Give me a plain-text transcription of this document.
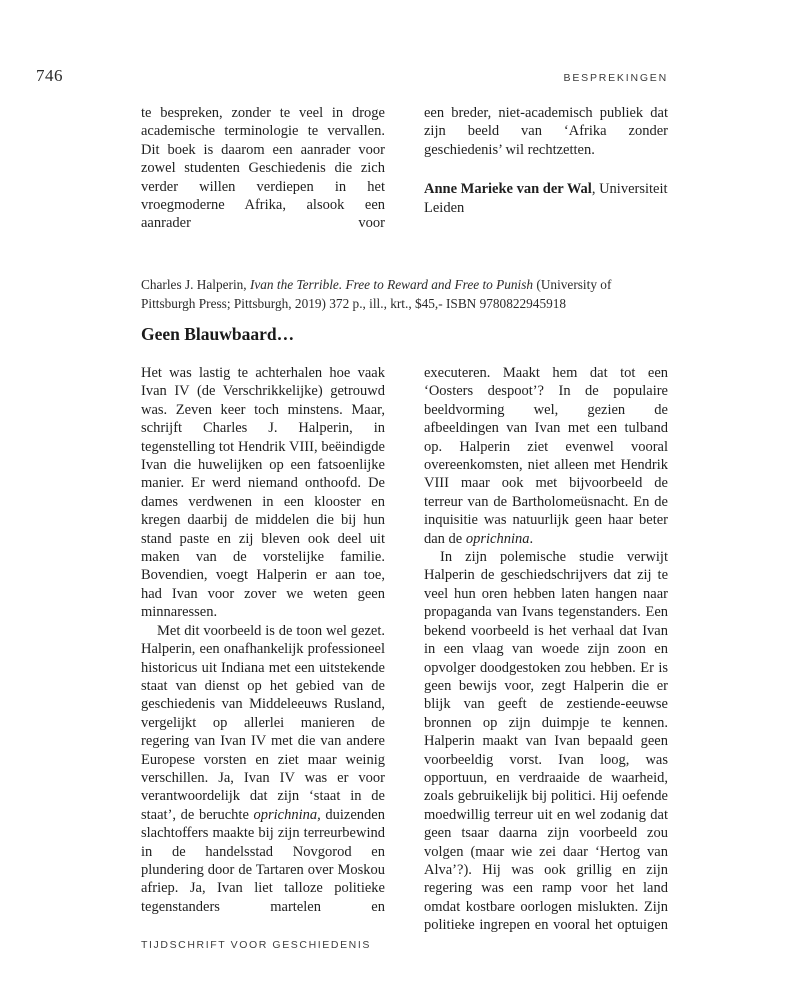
746	BESPREKINGEN

te bespreken, zonder te veel in droge academische terminologie te vervallen. Dit boek is daarom een aanrader voor zowel studenten Geschiedenis die zich verder willen verdiepen in het vroegmoderne Afrika, alsook een aanrader voor

een breder, niet-academisch publiek dat zijn beeld van ‘Afrika zonder geschiedenis’ wil rechtzetten.

Anne Marieke van der Wal, Universiteit Leiden

Charles J. Halperin, Ivan the Terrible. Free to Reward and Free to Punish (University of Pittsburgh Press; Pittsburgh, 2019) 372 p., ill., krt., $45,- ISBN 9780822945918

Geen Blauwbaard…

Het was lastig te achterhalen hoe vaak Ivan IV (de Verschrikkelijke) getrouwd was. Zeven keer toch minstens. Maar, schrijft Charles J. Halperin, in tegenstelling tot Hendrik VIII, beëindigde Ivan die huwelijken op een fatsoenlijke manier. Er werd niemand onthoofd. De dames verdwenen in een klooster en kregen daarbij de middelen die bij hun stand paste en zij bleven ook deel uit maken van de vorstelijke familie. Bovendien, voegt Halperin er aan toe, had Ivan voor zover we weten geen minnaressen.

Met dit voorbeeld is de toon wel gezet. Halperin, een onafhankelijk professioneel historicus uit Indiana met een uitstekende staat van dienst op het gebied van de geschiedenis van Middeleeuws Rusland, vergelijkt op allerlei manieren de regering van Ivan IV met die van andere Europese vorsten en ziet maar weinig verschillen. Ja, Ivan IV was er voor verantwoordelijk dat zijn ‘staat in de staat’, de beruchte oprichnina, duizenden slachtoffers maakte bij zijn terreurbewind in de handelsstad Novgorod en plundering door de Tartaren over Moskou afriep. Ja, Ivan liet talloze politieke tegenstanders martelen en

executeren. Maakt hem dat tot een ‘Oosters despoot’? In de populaire beeldvorming wel, gezien de afbeeldingen van Ivan met een tulband op. Halperin ziet evenwel vooral overeenkomsten, niet alleen met Hendrik VIII maar ook met bijvoorbeeld de terreur van de Bartholomeüsnacht. En de inquisitie was natuurlijk geen haar beter dan de oprichnina.

In zijn polemische studie verwijt Halperin de geschiedschrijvers dat zij te veel hun oren hebben laten hangen naar propaganda van Ivans tegenstanders. Een bekend voorbeeld is het verhaal dat Ivan in een vlaag van woede zijn zoon en opvolger doodgestoken zou hebben. Er is geen bewijs voor, zegt Halperin die er blijk van geeft de zestiende-eeuwse bronnen op zijn duimpje te kennen. Halperin maakt van Ivan bepaald geen voorbeeldig vorst. Ivan loog, was opportuun, en verdraaide de waarheid, zoals gebruikelijk bij politici. Hij oefende moedwillig terreur uit en wel zodanig dat geen tsaar daarna zijn voorbeeld zou volgen (maar wie zei daar ‘Hertog van Alva’?). Hij was ook grillig en zijn regering was een ramp voor het land omdat kostbare oorlogen mislukten. Zijn politieke ingrepen en vooral het optuigen

TIJDSCHRIFT VOOR GESCHIEDENIS
